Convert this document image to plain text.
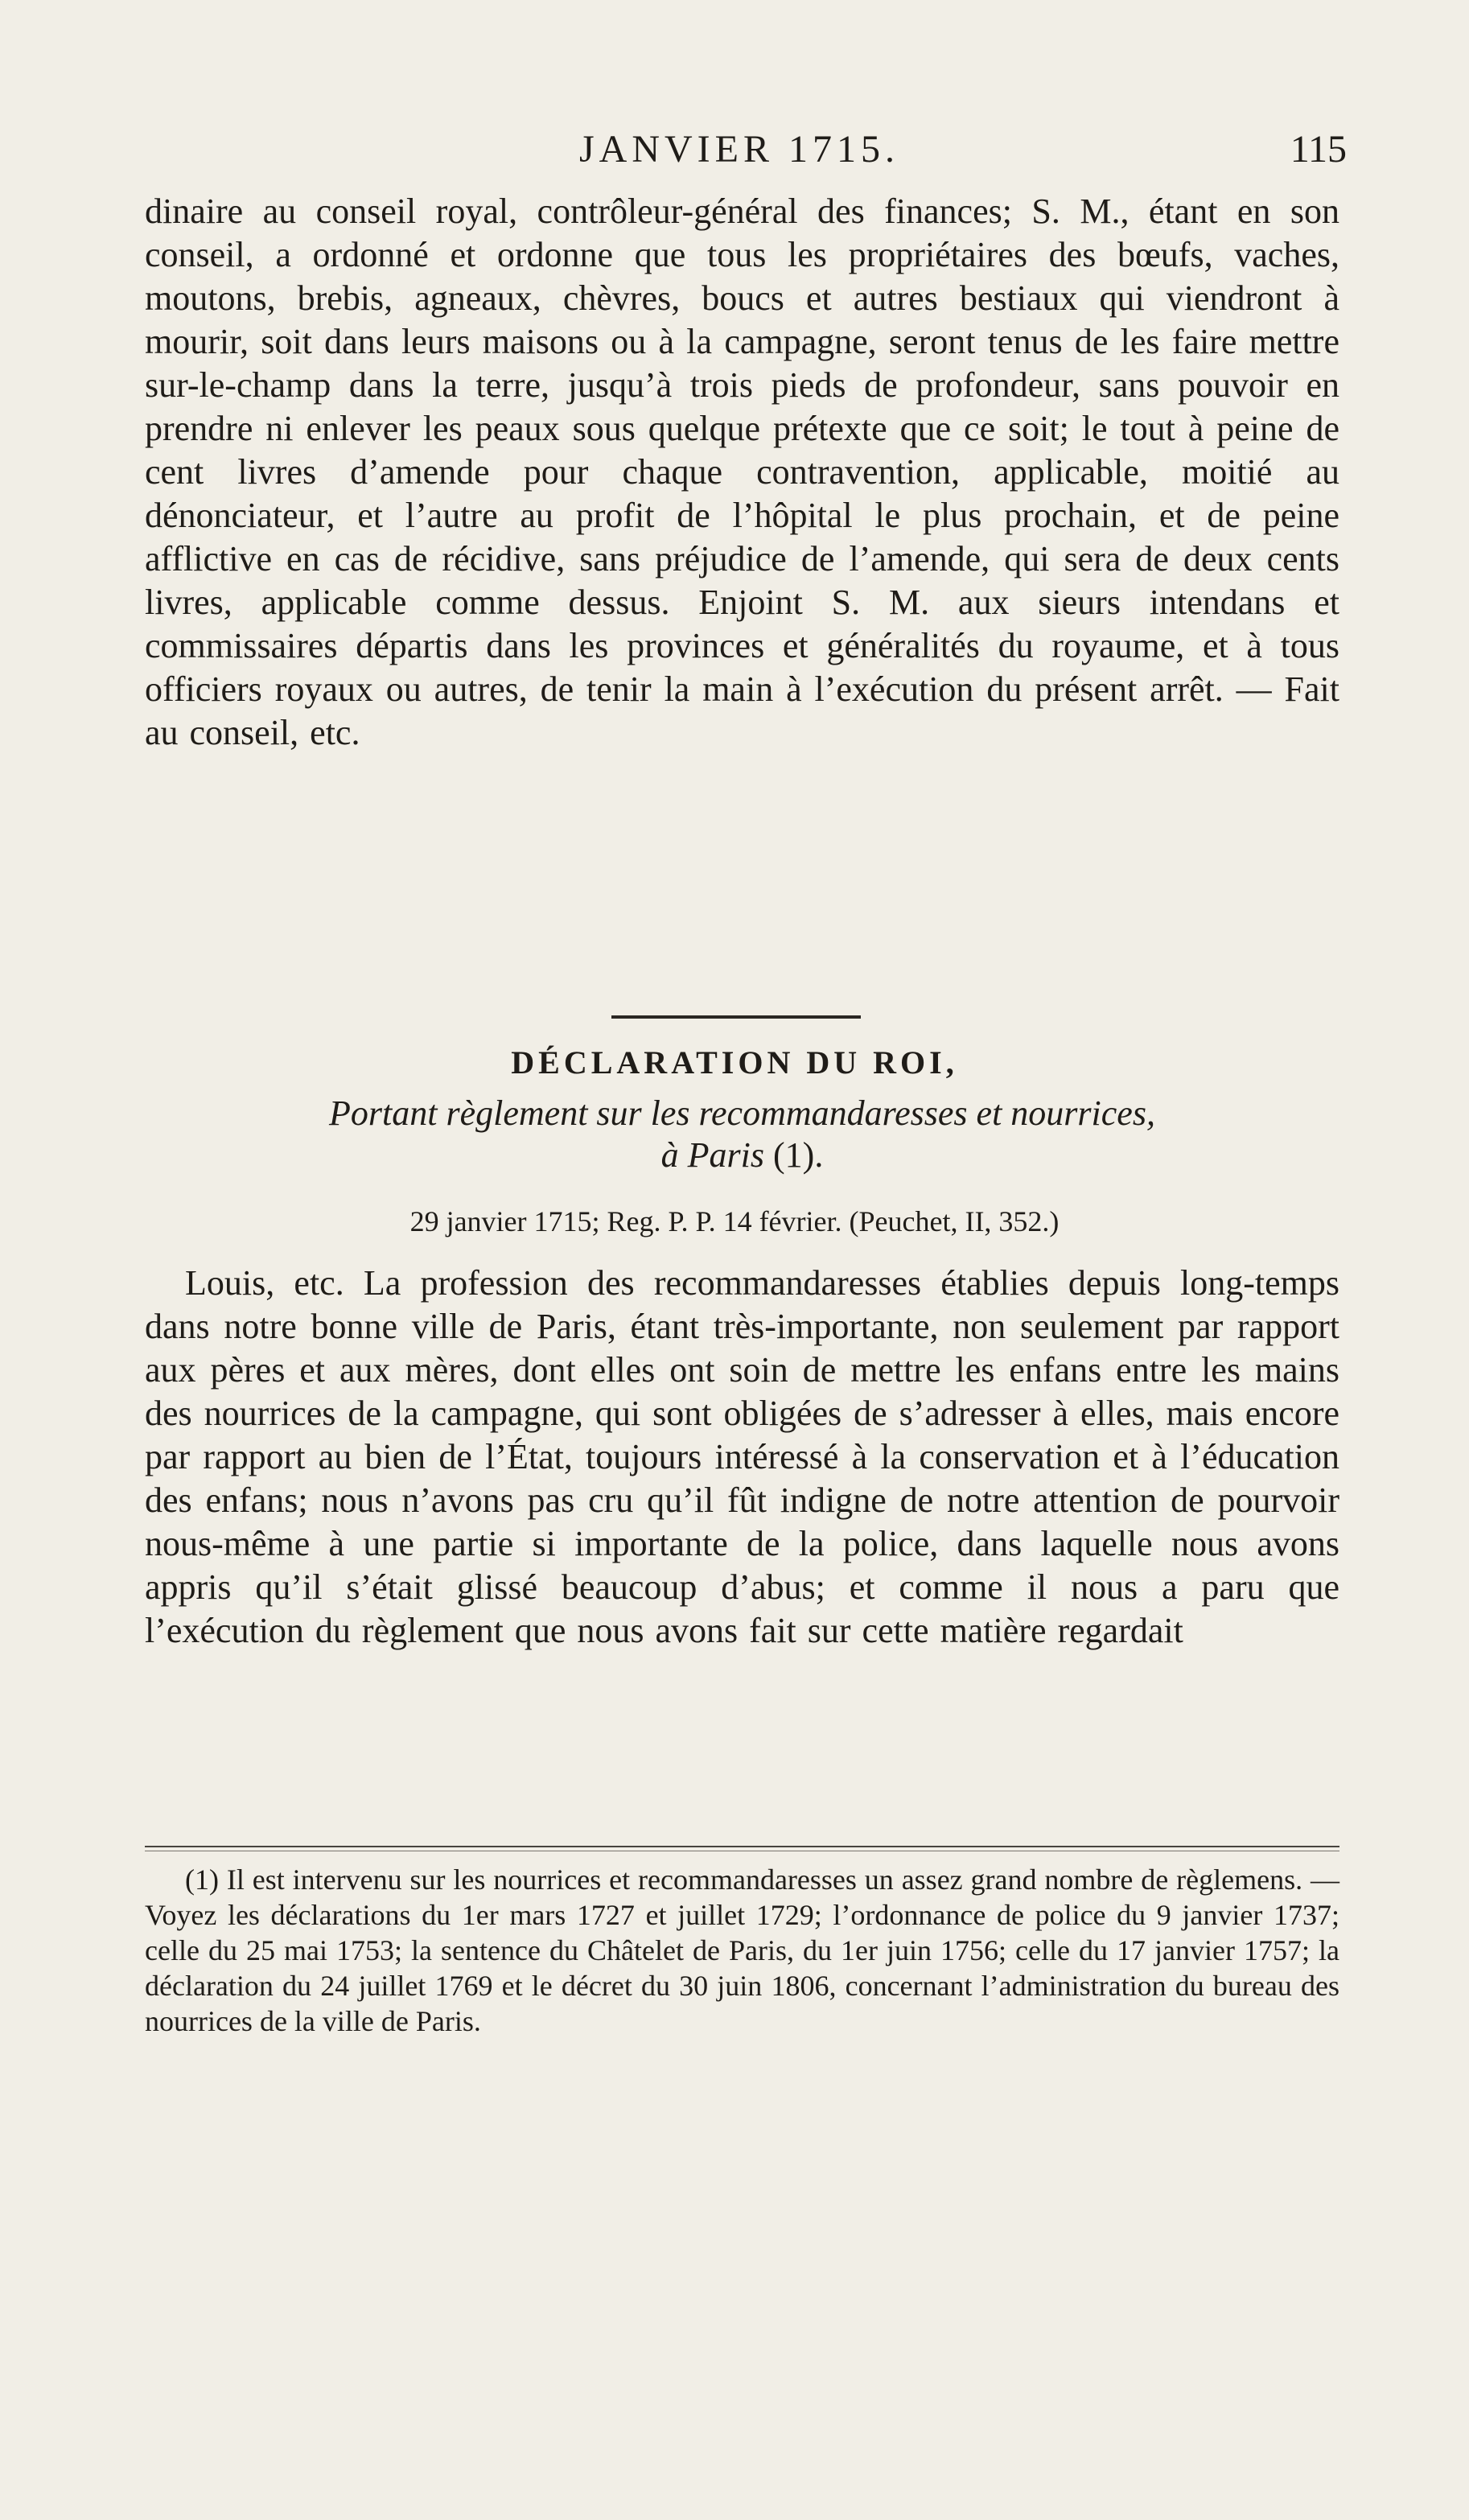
JANVIER 1715.	115

dinaire au conseil royal, contrôleur-général des finances; S. M., étant en son conseil, a ordonné et ordonne que tous les propriétaires des bœufs, vaches, moutons, brebis, agneaux, chèvres, boucs et autres bestiaux qui viendront à mourir, soit dans leurs maisons ou à la campagne, seront tenus de les faire mettre sur-le-champ dans la terre, jusqu’à trois pieds de profondeur, sans pouvoir en prendre ni enlever les peaux sous quelque prétexte que ce soit; le tout à peine de cent livres d’amende pour chaque contravention, applicable, moitié au dénonciateur, et l’autre au profit de l’hôpital le plus prochain, et de peine afflictive en cas de récidive, sans préjudice de l’amende, qui sera de deux cents livres, applicable comme dessus. Enjoint S. M. aux sieurs intendans et commissaires départis dans les provinces et généralités du royaume, et à tous officiers royaux ou autres, de tenir la main à l’exécution du présent arrêt. — Fait au conseil, etc.

DÉCLARATION DU ROI,
Portant règlement sur les recommandaresses et nourrices,
à Paris (1).
29 janvier 1715; Reg. P. P. 14 février. (Peuchet, II, 352.)

Louis, etc. La profession des recommandaresses établies depuis long-temps dans notre bonne ville de Paris, étant très-importante, non seulement par rapport aux pères et aux mères, dont elles ont soin de mettre les enfans entre les mains des nourrices de la campagne, qui sont obligées de s’adresser à elles, mais encore par rapport au bien de l’État, toujours intéressé à la conservation et à l’éducation des enfans; nous n’avons pas cru qu’il fût indigne de notre attention de pourvoir nous-même à une partie si importante de la police, dans laquelle nous avons appris qu’il s’était glissé beaucoup d’abus; et comme il nous a paru que l’exécution du règlement que nous avons fait sur cette matière regardait

(1) Il est intervenu sur les nourrices et recommandaresses un assez grand nombre de règlemens. — Voyez les déclarations du 1er mars 1727 et juillet 1729; l’ordonnance de police du 9 janvier 1737; celle du 25 mai 1753; la sentence du Châtelet de Paris, du 1er juin 1756; celle du 17 janvier 1757; la déclaration du 24 juillet 1769 et le décret du 30 juin 1806, concernant l’administration du bureau des nourrices de la ville de Paris.
